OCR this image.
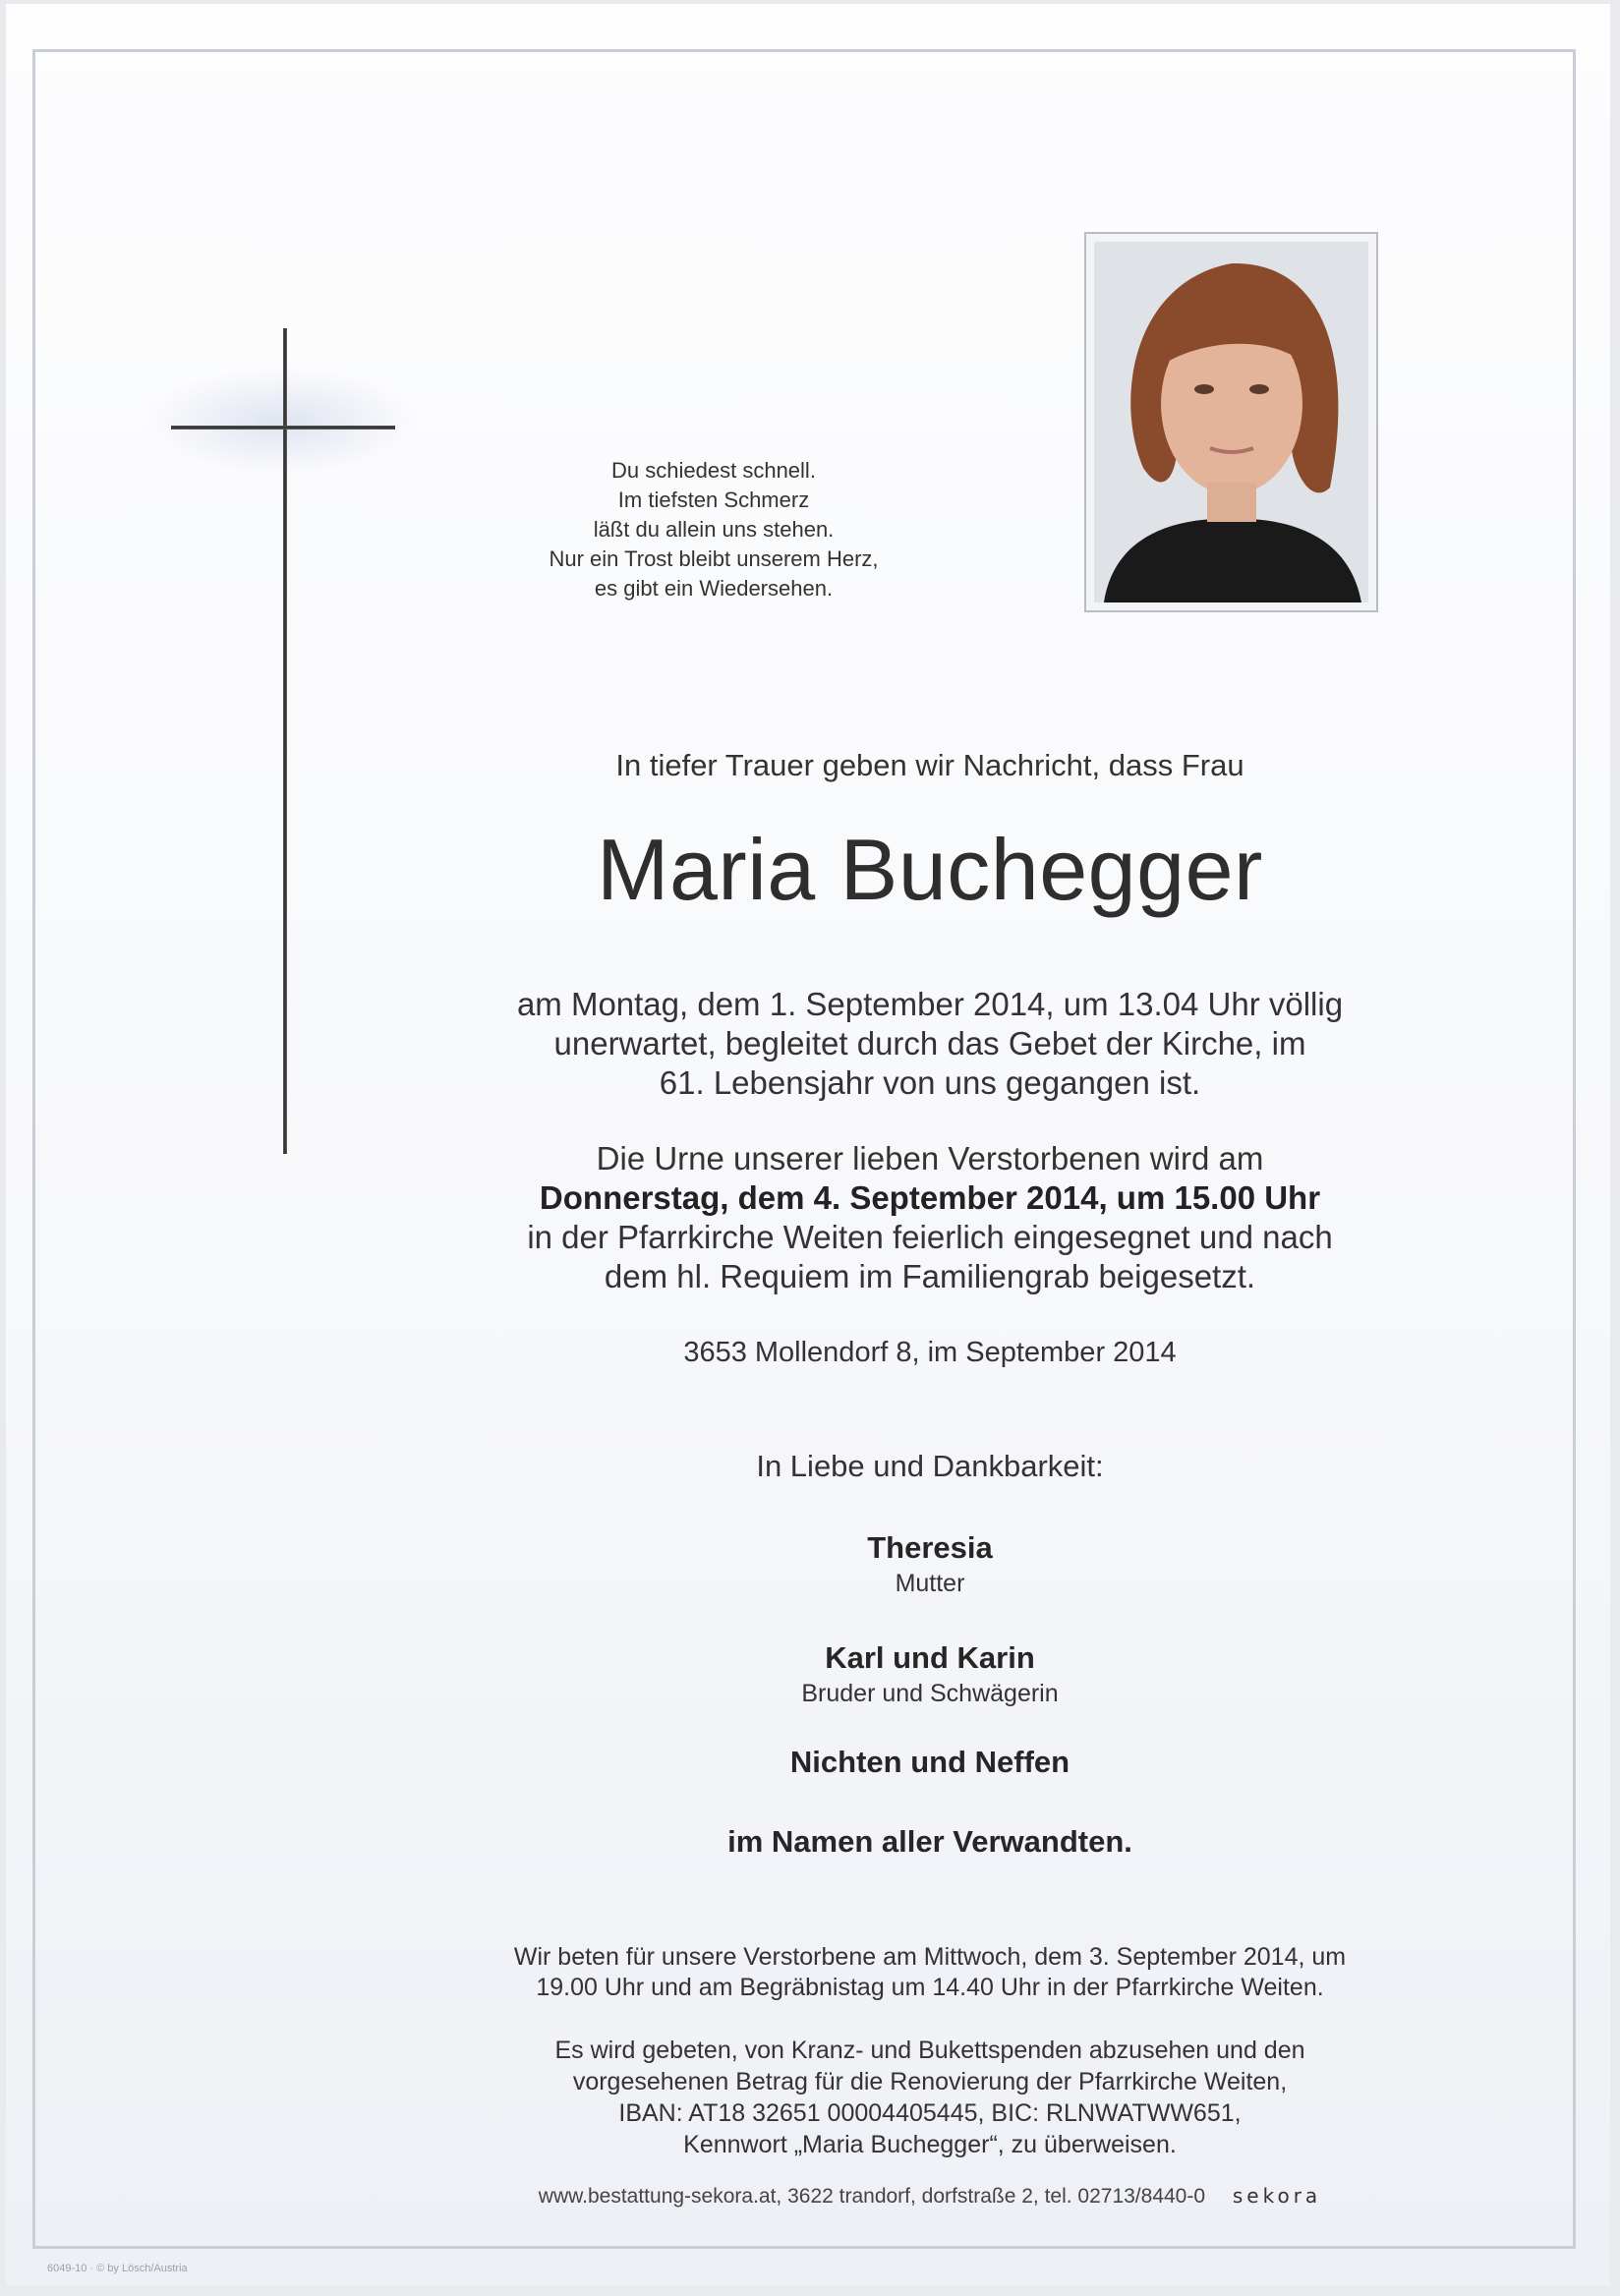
Du schiedest schnell.
Im tiefsten Schmerz
läßt du allein uns stehen.
Nur ein Trost bleibt unserem Herz,
es gibt ein Wiedersehen.
In tiefer Trauer geben wir Nachricht, dass Frau
Maria Buchegger
am Montag, dem 1. September 2014, um 13.04 Uhr völlig
unerwartet, begleitet durch das Gebet der Kirche, im
61. Lebensjahr von uns gegangen ist.
Die Urne unserer lieben Verstorbenen wird am
Donnerstag, dem 4. September 2014, um 15.00 Uhr
in der Pfarrkirche Weiten feierlich eingesegnet und nach
dem hl. Requiem im Familiengrab beigesetzt.
3653 Mollendorf 8, im September 2014
In Liebe und Dankbarkeit:
Theresia
Mutter
Karl und Karin
Bruder und Schwägerin
Nichten und Neffen
im Namen aller Verwandten.
Wir beten für unsere Verstorbene am Mittwoch, dem 3. September 2014, um
19.00 Uhr und am Begräbnistag um 14.40 Uhr in der Pfarrkirche Weiten.
Es wird gebeten, von Kranz- und Bukettspenden abzusehen und den
vorgesehenen Betrag für die Renovierung der Pfarrkirche Weiten,
IBAN: AT18 32651 00004405445, BIC: RLNWATWW651,
Kennwort „Maria Buchegger“, zu überweisen.
www.bestattung-sekora.at, 3622 trandorf, dorfstraße 2, tel. 02713/8440-0 sekora
6049-10 · © by Lösch/Austria
